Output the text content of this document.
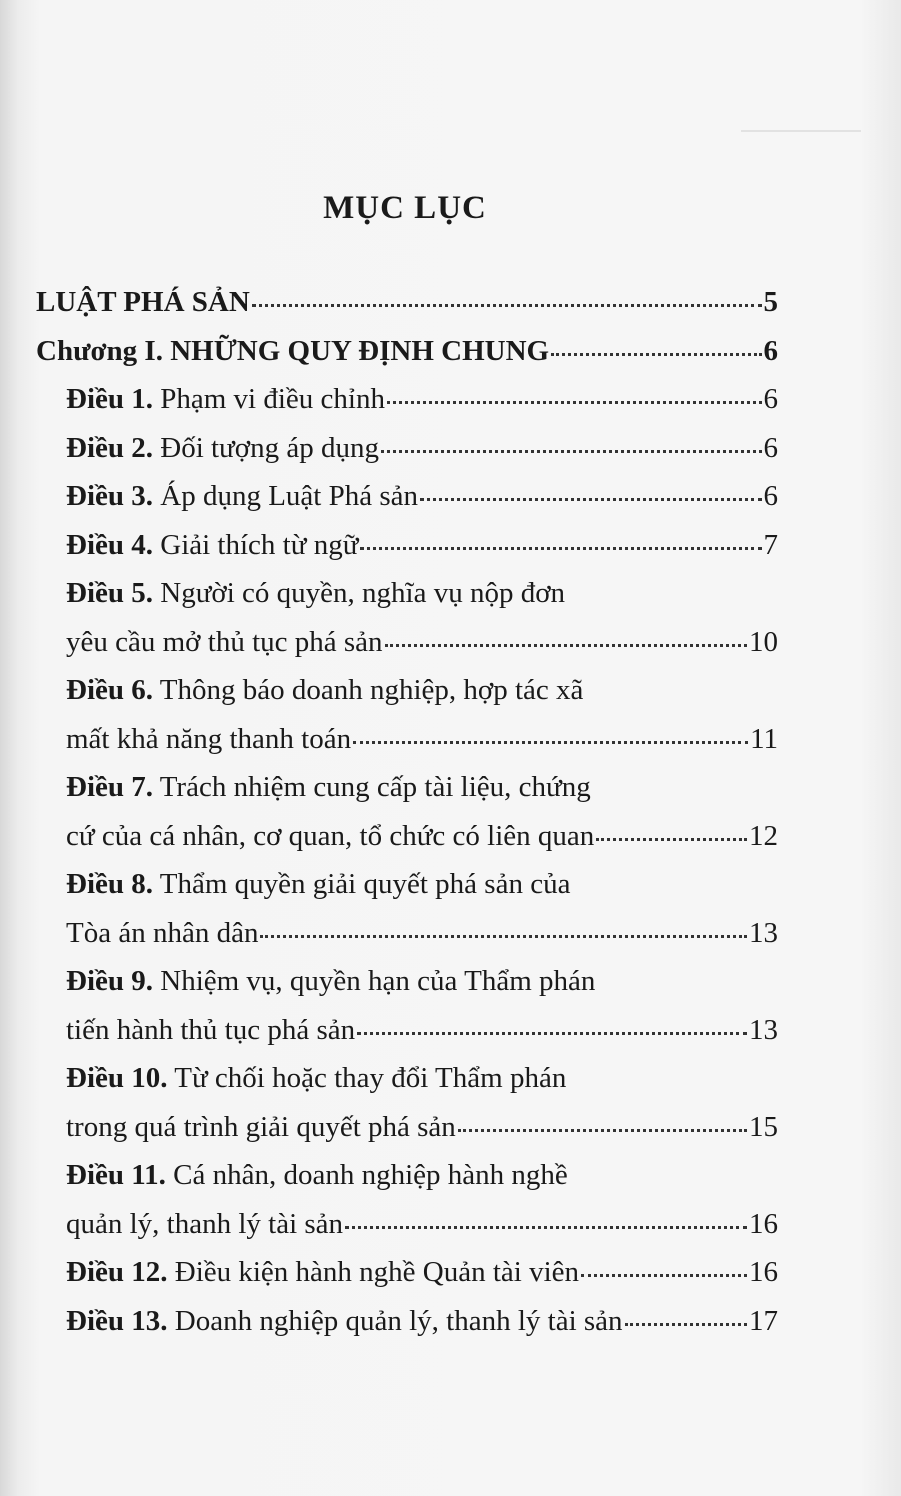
MỤC LỤC
LUẬT PHÁ SẢN	5
Chương I. NHỮNG QUY ĐỊNH CHUNG	6
Điều 1. Phạm vi điều chỉnh	6
Điều 2. Đối tượng áp dụng	6
Điều 3. Áp dụng Luật Phá sản	6
Điều 4. Giải thích từ ngữ	7
Điều 5. Người có quyền, nghĩa vụ nộp đơn
yêu cầu mở thủ tục phá sản	10
Điều 6. Thông báo doanh nghiệp, hợp tác xã
mất khả năng thanh toán	11
Điều 7. Trách nhiệm cung cấp tài liệu, chứng
cứ của cá nhân, cơ quan, tổ chức có liên quan	12
Điều 8. Thẩm quyền giải quyết phá sản của
Tòa án nhân dân	13
Điều 9. Nhiệm vụ, quyền hạn của Thẩm phán
tiến hành thủ tục phá sản	13
Điều 10. Từ chối hoặc thay đổi Thẩm phán
trong quá trình giải quyết phá sản	15
Điều 11. Cá nhân, doanh nghiệp hành nghề
quản lý, thanh lý tài sản	16
Điều 12. Điều kiện hành nghề Quản tài viên	16
Điều 13. Doanh nghiệp quản lý, thanh lý tài sản	17
